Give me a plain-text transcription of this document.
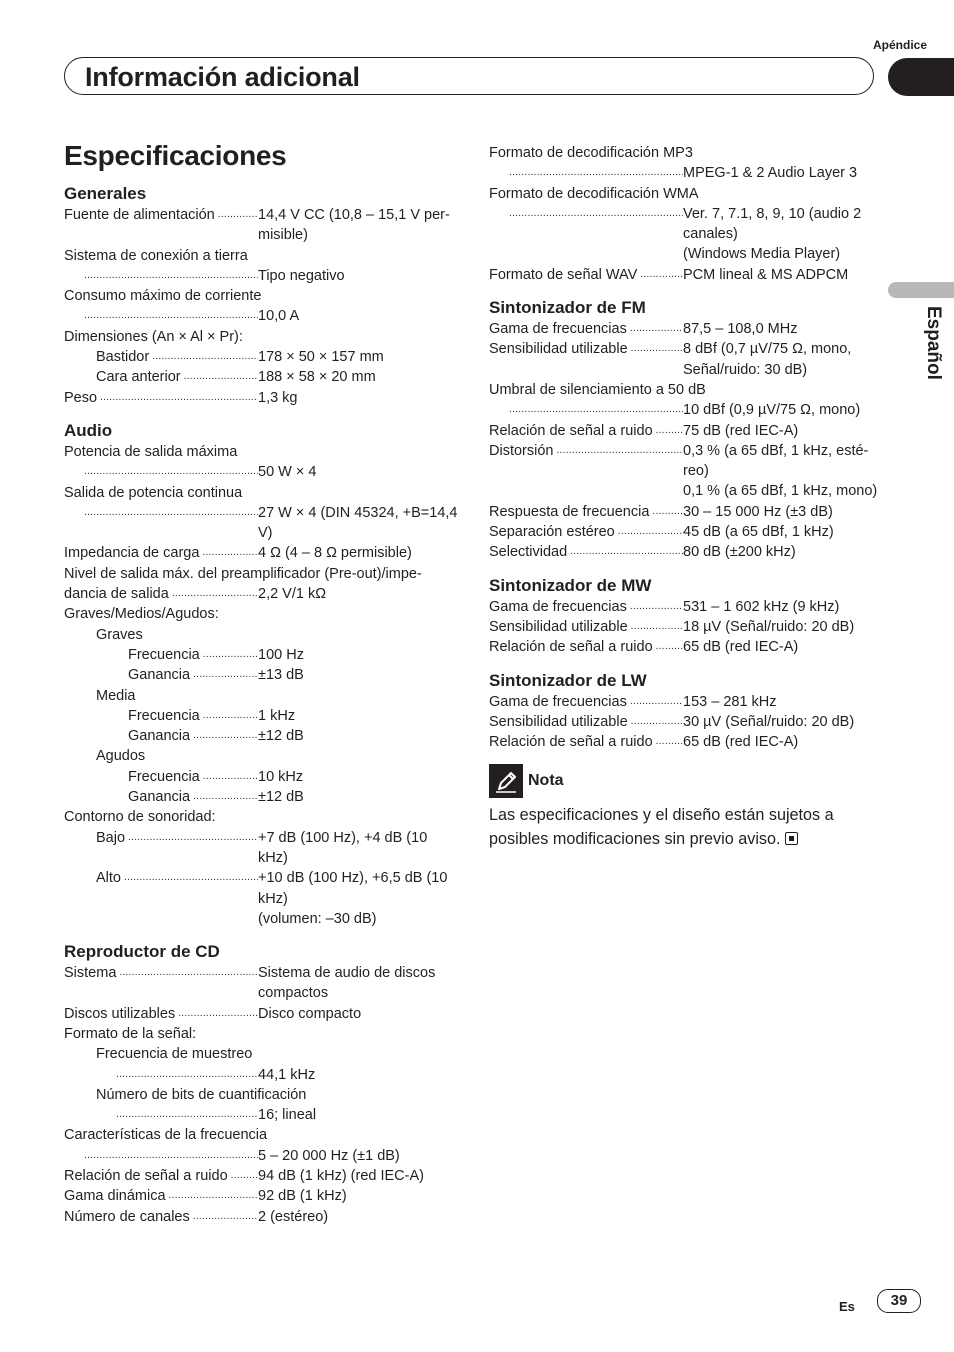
Apéndice
Información adicional
Español
Especificaciones
Generales
Fuente de alimentación .....	14,4 V CC (10,8 – 15,1 V permisible)
Sistema de conexión a tierra
.....
Tipo negativo
Consumo máximo de corriente
.....
10,0 A
Dimensiones (An × Al × Pr):
Bastidor .....	178 × 50 × 157 mm
Cara anterior .....	188 × 58 × 20 mm
Peso .....	1,3 kg
Audio
Potencia de salida máxima
.....
50 W × 4
Salida de potencia continua
.....
27 W × 4 (DIN 45324, +B=14,4 V)
Impedancia de carga .....	4 Ω (4 – 8 Ω permisible)
Nivel de salida máx. del preamplificador (Pre-out)/impe-
dancia de salida .....	2,2 V/1 kΩ
Graves/Medios/Agudos:
Graves
Frecuencia .....	100 Hz
Ganancia .....	±13 dB
Media
Frecuencia .....	1 kHz
Ganancia .....	±12 dB
Agudos
Frecuencia .....	10 kHz
Ganancia .....	±12 dB
Contorno de sonoridad:
Bajo .....	+7 dB (100 Hz), +4 dB (10 kHz)
Alto .....	+10 dB (100 Hz), +6,5 dB (10 kHz)
(volumen: –30 dB)
Reproductor de CD
Sistema .....	Sistema de audio de discos compactos
Discos utilizables .....	Disco compacto
Formato de la señal:
Frecuencia de muestreo
.....
44,1 kHz
Número de bits de cuantificación
.....
16; lineal
Características de la frecuencia
.....
5 – 20 000 Hz (±1 dB)
Relación de señal a ruido ..... 94 dB (1 kHz) (red IEC-A)
Gama dinámica .....	92 dB (1 kHz)
Número de canales .....	2 (estéreo)
Formato de decodificación MP3
.....
MPEG-1 & 2 Audio Layer 3
Formato de decodificación WMA
.....
Ver. 7, 7.1, 8, 9, 10 (audio 2 canales)
(Windows Media Player)
Formato de señal WAV .....	PCM lineal & MS ADPCM
Sintonizador de FM
Gama de frecuencias .....	87,5 – 108,0 MHz
Sensibilidad utilizable .....	8 dBf (0,7 µV/75 Ω, mono, Señal/ruido: 30 dB)
Umbral de silenciamiento a 50 dB
.....
10 dBf (0,9 µV/75 Ω, mono)
Relación de señal a ruido ..... 75 dB (red IEC-A)
Distorsión .....	0,3 % (a 65 dBf, 1 kHz, estéreo)
0,1 % (a 65 dBf, 1 kHz, mono)
Respuesta de frecuencia ..... 30 – 15 000 Hz (±3 dB)
Separación estéreo .....	45 dB (a 65 dBf, 1 kHz)
Selectividad .....	80 dB (±200 kHz)
Sintonizador de MW
Gama de frecuencias .....	531 – 1 602 kHz (9 kHz)
Sensibilidad utilizable .....	18 µV (Señal/ruido: 20 dB)
Relación de señal a ruido ..... 65 dB (red IEC-A)
Sintonizador de LW
Gama de frecuencias .....	153 – 281 kHz
Sensibilidad utilizable .....	30 µV (Señal/ruido: 20 dB)
Relación de señal a ruido ..... 65 dB (red IEC-A)
Nota
Las especificaciones y el diseño están sujetos a posibles modificaciones sin previo aviso.
Es	39
